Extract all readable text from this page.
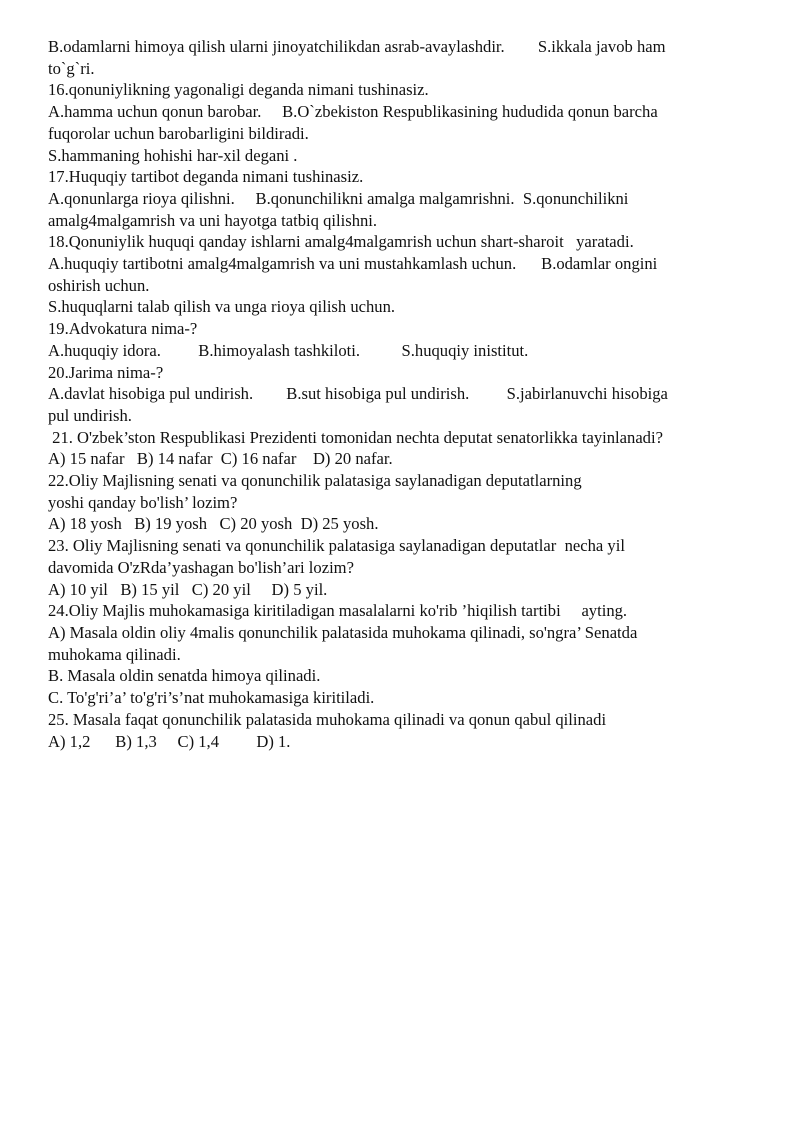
B.odamlarni himoya qilish ularni jinoyatchilikdan asrab-avaylashdir.        S.ikkala javob ham
to`g`ri.
16.qonuniylikning yagonaligi deganda nimani tushinasiz.
A.hamma uchun qonun barobar.     B.O`zbekiston Respublikasining hududida qonun barcha
fuqorolar uchun barobarligini bildiradi.
S.hammaning hohishi har-xil degani .
17.Huquqiy tartibot deganda nimani tushinasiz.
A.qonunlarga rioya qilishni.     B.qonunchilikni amalga malgamrishni.  S.qonunchilikni
amalg4malgamrish va uni hayotga tatbiq qilishni.
18.Qonuniylik huquqi qanday ishlarni amalg4malgamrish uchun shart-sharoit   yaratadi.
A.huquqiy tartibotni amalg4malgamrish va uni mustahkamlash uchun.      B.odamlar ongini
oshirish uchun.
S.huquqlarni talab qilish va unga rioya qilish uchun.
19.Advokatura nima-?
A.huquqiy idora.         B.himoyalash tashkiloti.          S.huquqiy inistitut.
20.Jarima nima-?
A.davlat hisobiga pul undirish.        B.sut hisobiga pul undirish.         S.jabirlanuvchi hisobiga
pul undirish.
21. O'zbek’ston Respublikasi Prezidenti tomonidan nechta deputat senatorlikka tayinlanadi?
A) 15 nafar   B) 14 nafar  C) 16 nafar    D) 20 nafar.
22.Oliy Majlisning senati va qonunchilik palatasiga saylanadigan deputatlarning
yoshi qanday bo'lish’ lozim?
A) 18 yosh   B) 19 yosh   C) 20 yosh  D) 25 yosh.
23. Oliy Majlisning senati va qonunchilik palatasiga saylanadigan deputatlar  necha yil
davomida O'zRda’yashagan bo'lish’ari lozim?
A) 10 yil   B) 15 yil   C) 20 yil     D) 5 yil.
24.Oliy Majlis muhokamasiga kiritiladigan masalalarni ko'rib ’hiqilish tartibi     ayting.
A) Masala oldin oliy 4malis qonunchilik palatasida muhokama qilinadi, so'ngra’ Senatda
muhokama qilinadi.
B. Masala oldin senatda himoya qilinadi.
C. To'g'ri’a’ to'g'ri’s’nat muhokamasiga kiritiladi.
25. Masala faqat qonunchilik palatasida muhokama qilinadi va qonun qabul qilinadi
A) 1,2      B) 1,3     C) 1,4         D) 1.
